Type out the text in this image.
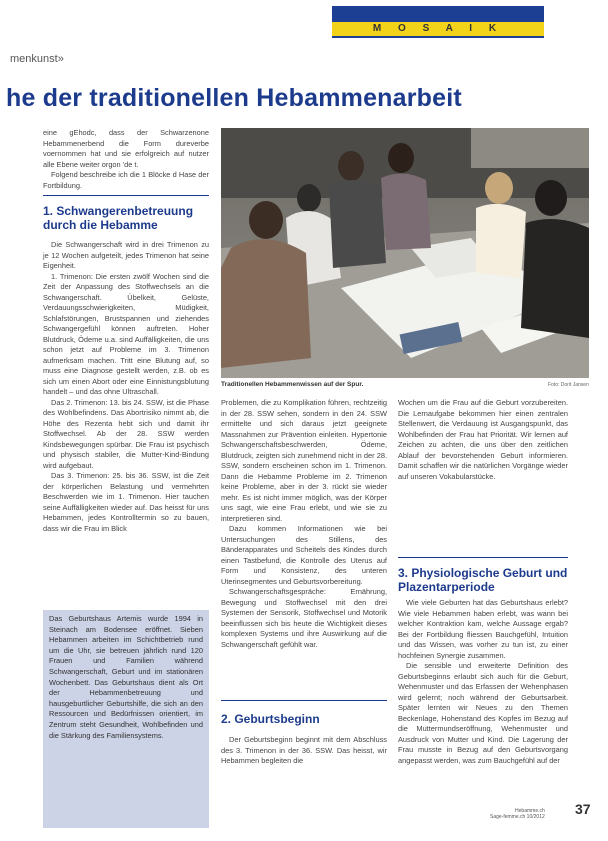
M O S A I K
menkunst»
he der traditionellen Hebammenarbeit

eine gEhodc, dass der Schwarzenone Hebammenerbend die Form dureverbe voernommen hat und sie erfolgreich auf nutzer alle Ebene weiter orgon 'de t.

Folgend beschreibe ich die 1 Blöcke d Hase der Fortbildung.

1. Schwangerenbetreuung durch die Hebamme

Die Schwangerschaft wird in drei Trimenon zu je 12 Wochen aufgeteilt, jedes Trimenon hat seine Eigenheit.

1. Trimenon: Die ersten zwölf Wochen sind die Zeit der Anpassung des Stoffwechsels an die Schwangerschaft. Übelkeit, Gelüste, Verdauungsschwierigkeiten, Müdigkeit, Schlafstörungen, Brustspannen und ziehendes Schwangergefühl können auftreten. Hoher Blutdruck, Ödeme u.a. sind Auffälligkeiten, die uns schon jetzt auf Probleme im 3. Trimenon aufmerksam machen. Tritt eine Blutung auf, so muss eine Diagnose gestellt werden, z.B. ob es sich um einen Abort oder eine Einnistungsblutung handelt – und das ohne Ultraschall.

Das 2. Trimenon: 13. bis 24. SSW, ist die Phase des Wohlbefindens. Das Abortrisiko nimmt ab, die Höhe des Rezenta hebt sich und damit ihr Stoffwechsel. Ab der 28. SSW werden Kindsbewegungen spürbar. Die Frau ist psychisch und physisch stabiler, die Mutter-Kind-Bindung wird aufgebaut.

Das 3. Trimenon: 25. bis 36. SSW, ist die Zeit der körperlichen Belastung und vermehrten Beschwerden wie im 1. Trimenon. Hier tauchen seine Auffälligkeiten wieder auf. Das heisst für uns Hebammen, jedes Kontrolltermin so zu bauen, dass wir die Frau im Blick

Das Geburtshaus Artemis wurde 1994 in Steinach am Bodensee eröffnet. Sieben Hebammen arbeiten im Schichtbetrieb rund um die Uhr, sie betreuen jährlich rund 120 Frauen und Familien während Schwangerschaft, Geburt und im stationären Wochenbett. Das Geburtshaus dient als Ort der Hebammenbetreuung und hausgeburtlicher Geburtshilfe, die sich an den Ressourcen und Bedürfnissen orientiert, im Zentrum steht Gesundheit, Wohlbefinden und die Stärkung des Familiensystems.
Traditionellen Hebammenwissen auf der Spur.	Foto: Dorit Jansen

Problemen, die zu Komplikation führen, rechtzeitig in der 28. SSW sehen, sondern in den 24. SSW ermittelte und sich daraus jetzt geeignete Massnahmen zur Prävention einleiten. Hypertonie Schwangerschaftsbeschwerden, Ödeme, Blutdruck, zeigten sich zunehmend nicht in der 28. SSW, sondern erscheinen schon im 1. Trimenon. Dann die Hebamme Probleme im 2. Trimenon keine Probleme, aber in der 3. rückt sie wieder mehr. Es ist nicht immer möglich, was der Körper uns sagt, wie eine Frau erlebt, und wie sie zu interpretieren sind.

Dazu kommen Informationen wie bei Untersuchungen des Stillens, des Bänderapparates und Scheitels des Kindes durch einen Tastbefund, die Kontrolle des Uterus auf Form und Konsistenz, des unteren Uterinsegmentes und Geburtsvorbereitung.

Schwangerschaftsgespräche: Ernährung, Bewegung und Stoffwechsel mit den drei Systemen der Sensorik, Stoffwechsel und Motorik beeinflussen sich bis heute die Wichtigkeit dieses komplexen Systems und ihre Auswirkung auf die Schwangerschaft gefühlt war.

2. Geburtsbeginn

Der Geburtsbeginn beginnt mit dem Abschluss des 3. Trimenon in der 36. SSW. Das heisst, wir Hebammen begleiten die

Wochen um die Frau auf die Geburt vorzubereiten. Die Lernaufgabe bekommen hier einen zentralen Stellenwert, die Verdauung ist Ausgangspunkt, das Wohlbefinden der Frau hat Priorität. Wir lernen auf Zeichen zu achten, die uns über den zeitlichen Ablauf der bevorstehenden Geburt informieren. Damit schaffen wir die natürlichen Vorgänge wieder auf unseren Vokabularstücke.

3. Physiologische Geburt und Plazentarperiode

Wie viele Geburten hat das Geburtshaus erlebt? Wie viele Hebammen haben erlebt, was wann bei welcher Kontraktion kam, welche Aussage ergab? Bei der Fortbildung fliessen Bauchgefühl, Intuition und das Wissen, was vorher zu tun ist, zu einer hochfeinen Synergie zusammen.

Die sensible und erweiterte Definition des Geburtsbeginns erlaubt sich auch für die Geburt, Wehenmuster und das Erfassen der Wehenphasen wird gelernt; noch während der Geburtsarbeit. Später lernten wir Neues zu den Themen Beckenlage, Hohenstand des Kopfes im Bezug auf die Muttermundseröffnung, Wehenmuster und Ausdruck von Mutter und Kind. Die Lagerung der Frau musste in Bezug auf den Geburtsvorgang angepasst werden, was zum Bauchgefühl auf der

Hebamme.ch
Sage-femme.ch 10/2012 37
